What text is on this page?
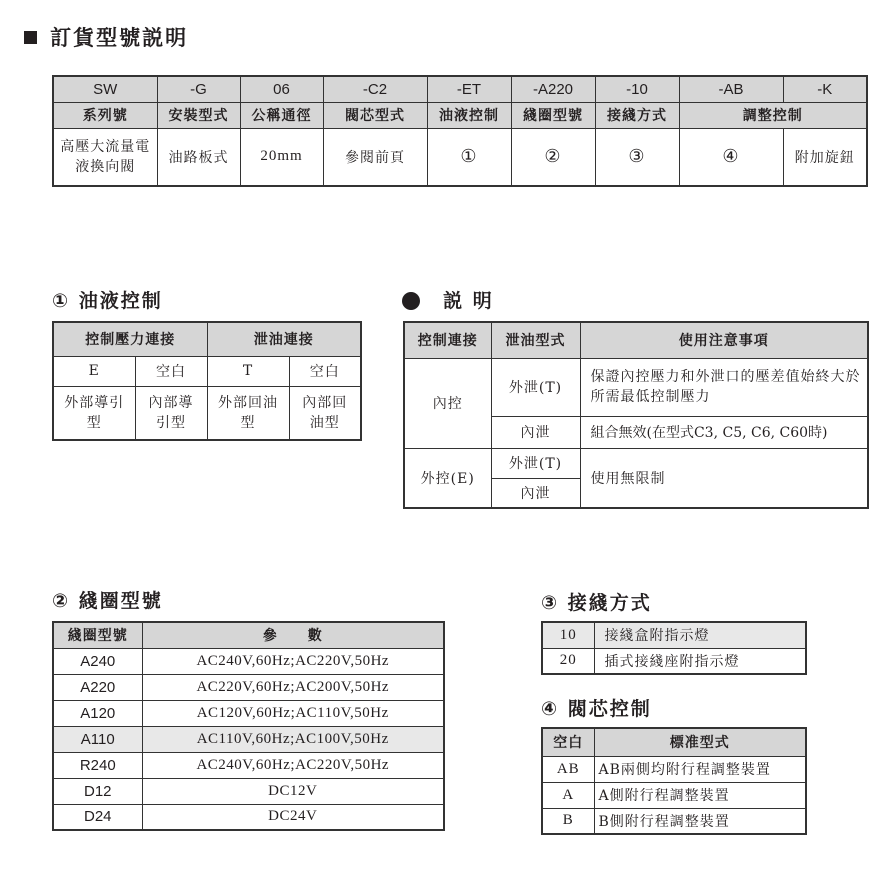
訂貨型號説明
SW	-G	06	-C2	-ET	-A220	-10	-AB	-K
系列號	安裝型式	公稱通徑	閥芯型式	油液控制	綫圈型號	接綫方式	調整控制	
高壓大流量電液換向閥	油路板式	20mm	參閱前頁	①	②	③	④	附加旋鈕
① 油液控制
控制壓力連接		泄油連接	
E	空白	T	空白
外部導引型	內部導引型	外部回油型	內部回油型
説 明
控制連接	泄油型式	使用注意事項
內控	外泄(T)	保證內控壓力和外泄口的壓差值始終大於所需最低控制壓力
	內泄	組合無效(在型式C3, C5, C6, C60時)
外控(E)	外泄(T)	使用無限制
	內泄	
② 綫圈型號
綫圈型號	參　　數
A240	AC240V,60Hz;AC220V,50Hz
A220	AC220V,60Hz;AC200V,50Hz
A120	AC120V,60Hz;AC110V,50Hz
A110	AC110V,60Hz;AC100V,50Hz
R240	AC240V,60Hz;AC220V,50Hz
D12	DC12V
D24	DC24V
③ 接綫方式
10	接綫盒附指示燈
20	插式接綫座附指示燈
④ 閥芯控制
空白	標准型式
AB	AB兩側均附行程調整裝置
A	A側附行程調整裝置
B	B側附行程調整裝置
